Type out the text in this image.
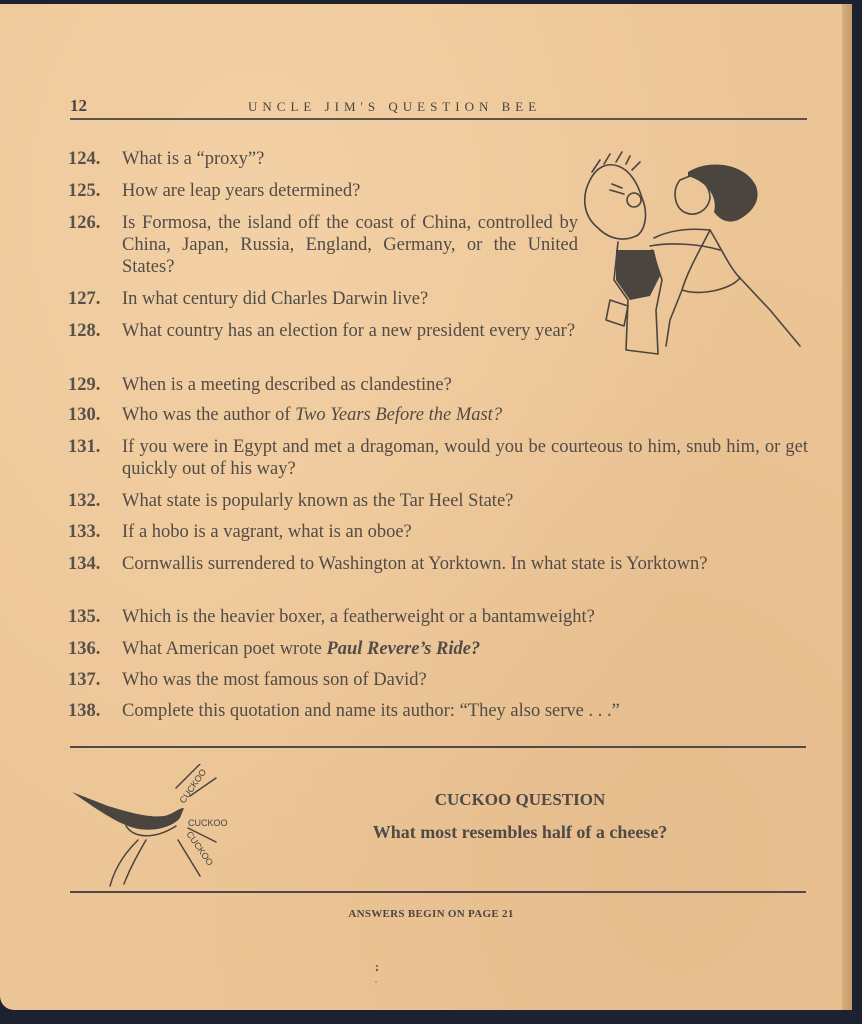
12	UNCLE JIM'S QUESTION BEE
124.	What is a “proxy”?
125.	How are leap years determined?
126.	Is Formosa, the island off the coast of China, controlled by China, Japan, Russia, England, Germany, or the United States?
127.	In what century did Charles Darwin live?
128.	What country has an election for a new president every year?
129.	When is a meeting described as clandestine?
130.	Who was the author of Two Years Before the Mast?
131.	If you were in Egypt and met a dragoman, would you be courteous to him, snub him, or get quickly out of his way?
132.	What state is popularly known as the Tar Heel State?
133.	If a hobo is a vagrant, what is an oboe?
134.	Cornwallis surrendered to Washington at Yorktown. In what state is Yorktown?
135.	Which is the heavier boxer, a featherweight or a bantamweight?
136.	What American poet wrote Paul Revere’s Ride?
137.	Who was the most famous son of David?
138.	Complete this quotation and name its author: “They also serve . . .”
CUCKOO
CUCKOO
CUCKOO
CUCKOO QUESTION
What most resembles half of a cheese?
ANSWERS BEGIN ON PAGE 21
